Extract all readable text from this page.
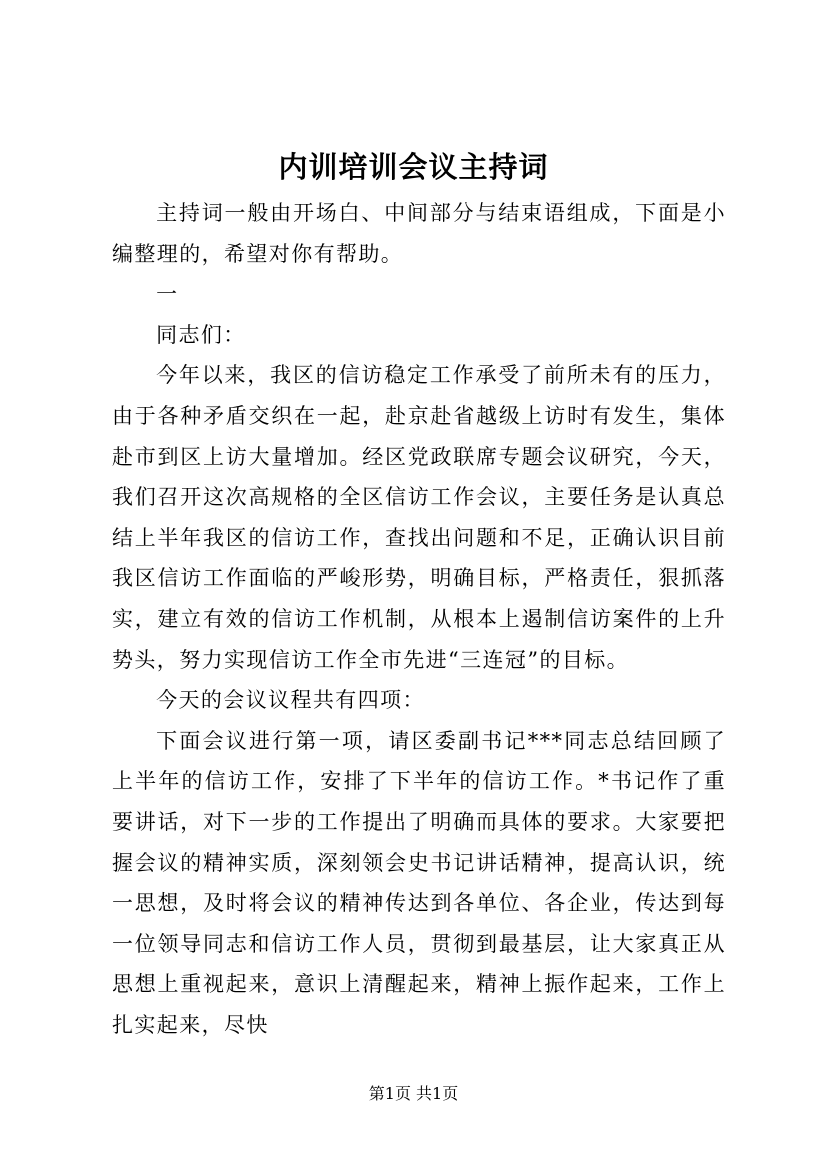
内训培训会议主持词

主持词一般由开场白、中间部分与结束语组成，下面是小编整理的，希望对你有帮助。

一

同志们：

今年以来，我区的信访稳定工作承受了前所未有的压力，由于各种矛盾交织在一起，赴京赴省越级上访时有发生，集体赴市到区上访大量增加。经区党政联席专题会议研究，今天，我们召开这次高规格的全区信访工作会议，主要任务是认真总结上半年我区的信访工作，查找出问题和不足，正确认识目前我区信访工作面临的严峻形势，明确目标，严格责任，狠抓落实，建立有效的信访工作机制，从根本上遏制信访案件的上升势头，努力实现信访工作全市先进“三连冠”的目标。

今天的会议议程共有四项：

下面会议进行第一项，请区委副书记***同志总结回顾了上半年的信访工作，安排了下半年的信访工作。*书记作了重要讲话，对下一步的工作提出了明确而具体的要求。大家要把握会议的精神实质，深刻领会史书记讲话精神，提高认识，统一思想，及时将会议的精神传达到各单位、各企业，传达到每一位领导同志和信访工作人员，贯彻到最基层，让大家真正从思想上重视起来，意识上清醒起来，精神上振作起来，工作上扎实起来，尽快

第1页 共1页
